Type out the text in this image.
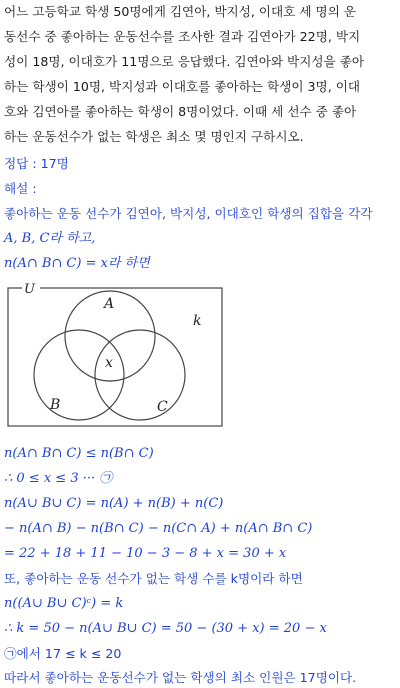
어느 고등학교 학생 50명에게 김연아, 박지성, 이대호 세 명의 운
동선수 중 좋아하는 운동선수를 조사한 결과 김연아가 22명, 박지
성이 18명, 이대호가 11명으로 응답했다. 김연아와 박지성을 좋아
하는 학생이 10명, 박지성과 이대호를 좋아하는 학생이 3명, 이대
호와 김연아를 좋아하는 학생이 8명이었다. 이때 세 선수 중 좋아
하는 운동선수가 없는 학생은 최소 몇 명인지 구하시오.
정답 : 17명
해설 :
좋아하는 운동 선수가 김연아, 박지성, 이대호인 학생의 집합을 각각
A, B, C라 하고,
n(A∩ B∩ C) = x라 하면
U
A
B	C
x
k
n(A∩ B∩ C) ≤ n(B∩ C)
∴ 0 ≤ x ≤ 3 ··· ㉠
n(A∪ B∪ C) = n(A) + n(B) + n(C)
− n(A∩ B) − n(B∩ C) − n(C∩ A) + n(A∩ B∩ C)
= 22 + 18 + 11 − 10 − 3 − 8 + x = 30 + x
또, 좋아하는 운동 선수가 없는 학생 수를 k명이라 하면
n((A∪ B∪ C)ᶜ) = k
∴ k = 50 − n(A∪ B∪ C) = 50 − (30 + x) = 20 − x
㉠에서 17 ≤ k ≤ 20
따라서 좋아하는 운동선수가 없는 학생의 최소 인원은 17명이다.
